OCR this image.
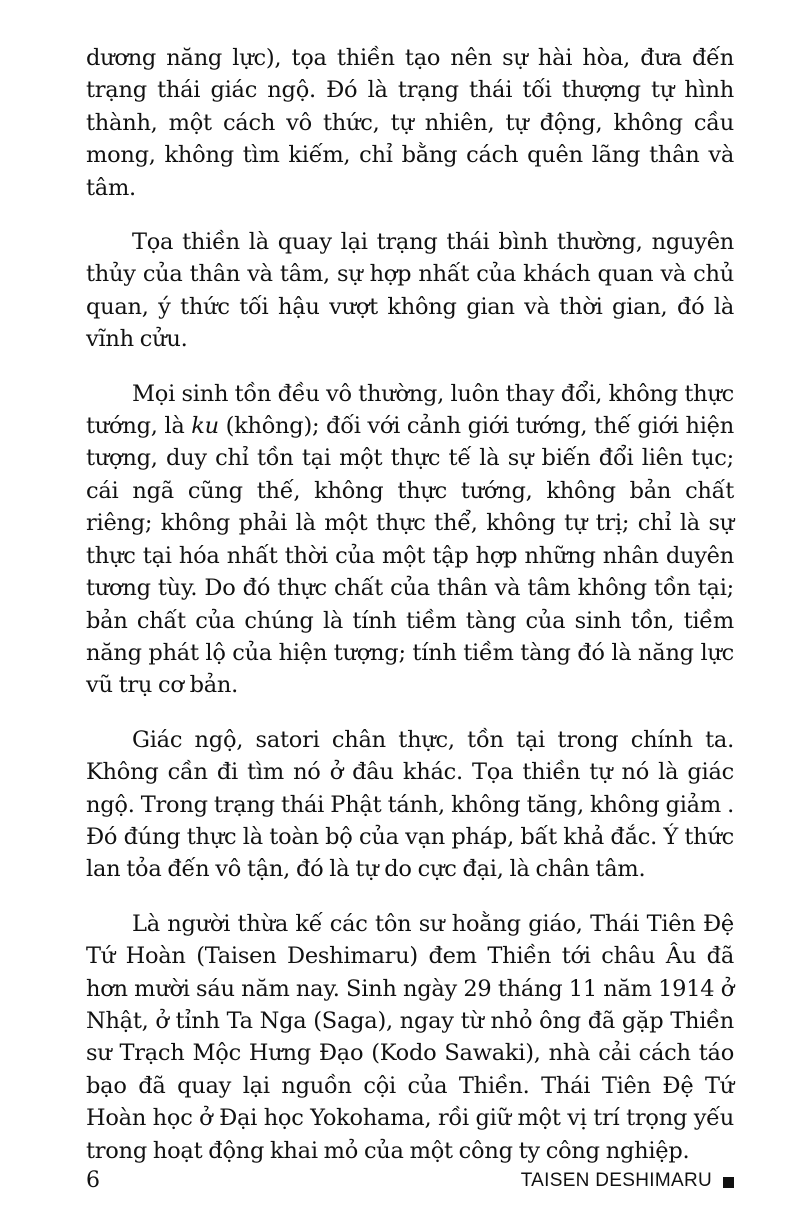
dương năng lực), tọa thiền tạo nên sự hài hòa, đưa đến trạng thái giác ngộ. Đó là trạng thái tối thượng tự hình thành, một cách vô thức, tự nhiên, tự động, không cầu mong, không tìm kiếm, chỉ bằng cách quên lãng thân và tâm.

Tọa thiền là quay lại trạng thái bình thường, nguyên thủy của thân và tâm, sự hợp nhất của khách quan và chủ quan, ý thức tối hậu vượt không gian và thời gian, đó là vĩnh cửu.

Mọi sinh tồn đều vô thường, luôn thay đổi, không thực tướng, là ku (không); đối với cảnh giới tướng, thế giới hiện tượng, duy chỉ tồn tại một thực tế là sự biến đổi liên tục; cái ngã cũng thế, không thực tướng, không bản chất riêng; không phải là một thực thể, không tự trị; chỉ là sự thực tại hóa nhất thời của một tập hợp những nhân duyên tương tùy. Do đó thực chất của thân và tâm không tồn tại; bản chất của chúng là tính tiềm tàng của sinh tồn, tiềm năng phát lộ của hiện tượng; tính tiềm tàng đó là năng lực vũ trụ cơ bản.

Giác ngộ, satori chân thực, tồn tại trong chính ta. Không cần đi tìm nó ở đâu khác. Tọa thiền tự nó là giác ngộ. Trong trạng thái Phật tánh, không tăng, không giảm . Đó đúng thực là toàn bộ của vạn pháp, bất khả đắc. Ý thức lan tỏa đến vô tận, đó là tự do cực đại, là chân tâm.

Là người thừa kế các tôn sư hoằng giáo, Thái Tiên Đệ Tứ Hoàn (Taisen Deshimaru) đem Thiền tới châu Âu đã hơn mười sáu năm nay. Sinh ngày 29 tháng 11 năm 1914 ở Nhật, ở tỉnh Ta Nga (Saga), ngay từ nhỏ ông đã gặp Thiền sư Trạch Mộc Hưng Đạo (Kodo Sawaki), nhà cải cách táo bạo đã quay lại nguồn cội của Thiền. Thái Tiên Đệ Tứ Hoàn học ở Đại học Yokohama, rồi giữ một vị trí trọng yếu trong hoạt động khai mỏ của một công ty công nghiệp.

6	TAISEN DESHIMARU
